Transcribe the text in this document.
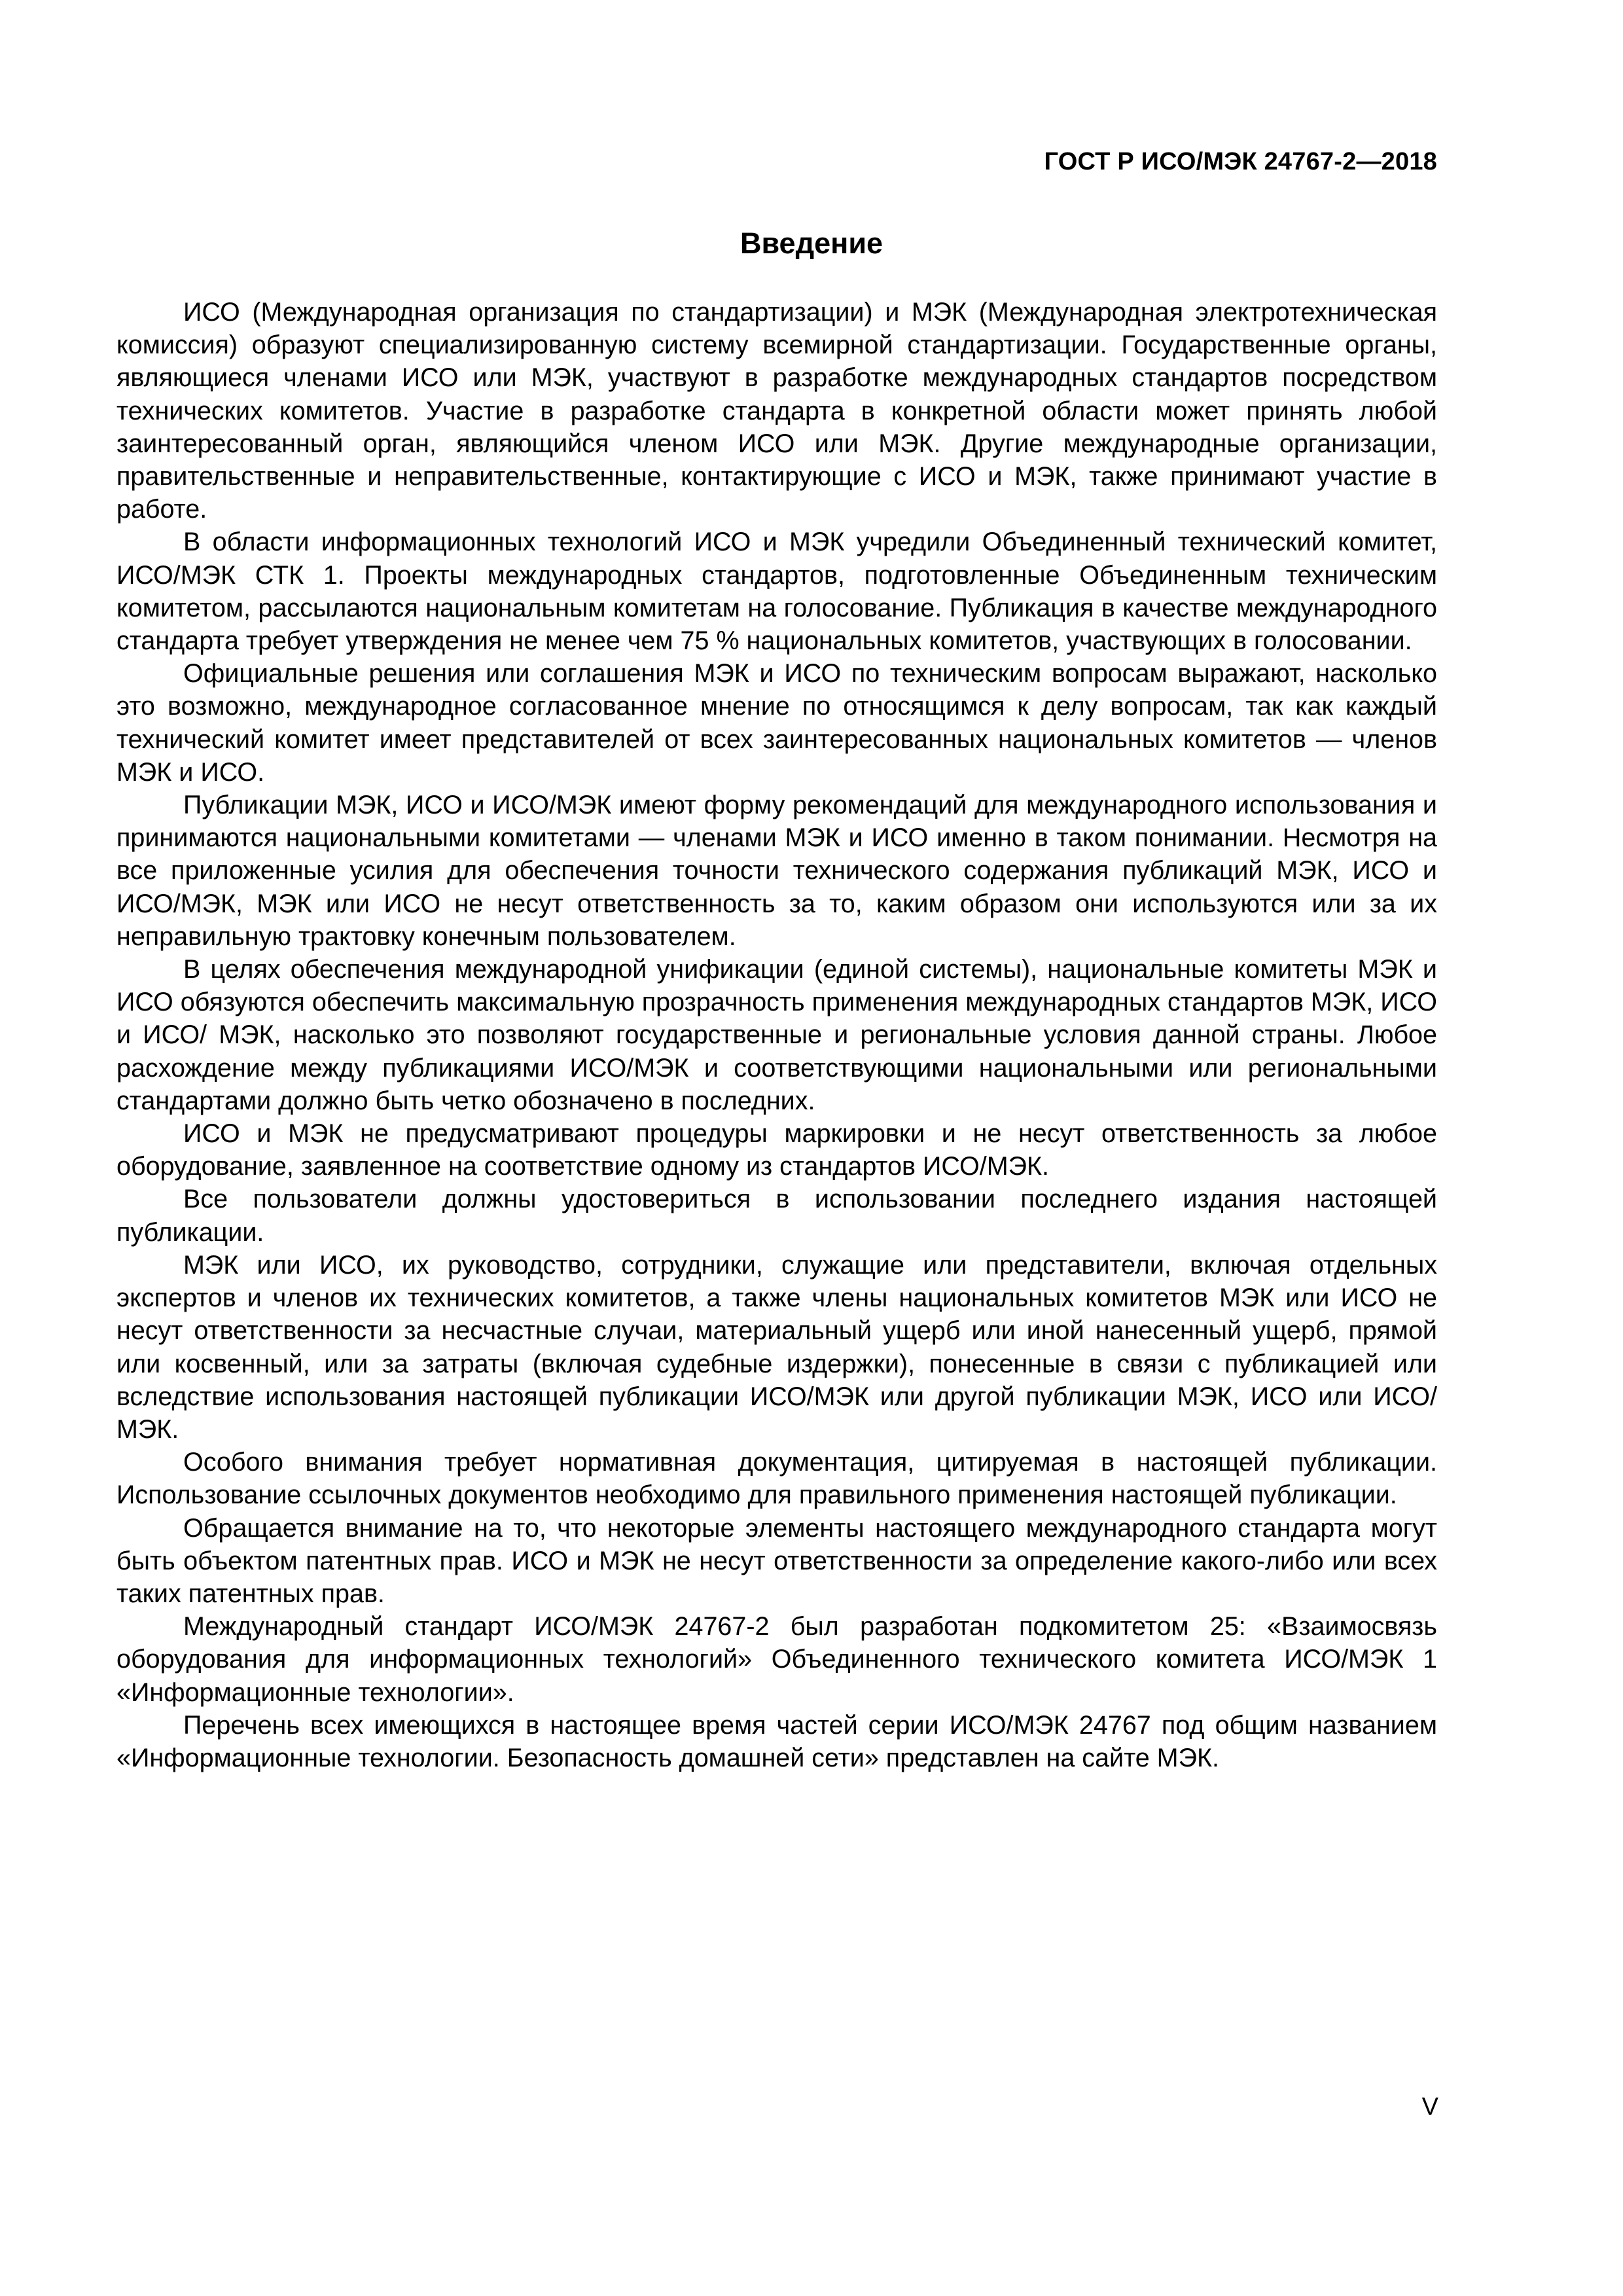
ГОСТ Р ИСО/МЭК 24767-2—2018
Введение

ИСО (Международная организация по стандартизации) и МЭК (Международная электротехническая комиссия) образуют специализированную систему всемирной стандартизации. Государственные органы, являющиеся членами ИСО или МЭК, участвуют в разработке международных стандартов посредством технических комитетов. Участие в разработке стандарта в конкретной области может принять любой заинтересованный орган, являющийся членом ИСО или МЭК. Другие международные организации, правительственные и неправительственные, контактирующие с ИСО и МЭК, также принимают участие в работе.

В области информационных технологий ИСО и МЭК учредили Объединенный технический комитет, ИСО/МЭК СТК 1. Проекты международных стандартов, подготовленные Объединенным техническим комитетом, рассылаются национальным комитетам на голосование. Публикация в качестве международного стандарта требует утверждения не менее чем 75 % национальных комитетов, участвующих в голосовании.

Официальные решения или соглашения МЭК и ИСО по техническим вопросам выражают, насколько это возможно, международное согласованное мнение по относящимся к делу вопросам, так как каждый технический комитет имеет представителей от всех заинтересованных национальных комитетов — членов МЭК и ИСО.

Публикации МЭК, ИСО и ИСО/МЭК имеют форму рекомендаций для международного использования и принимаются национальными комитетами — членами МЭК и ИСО именно в таком понимании. Несмотря на все приложенные усилия для обеспечения точности технического содержания публикаций МЭК, ИСО и ИСО/МЭК, МЭК или ИСО не несут ответственность за то, каким образом они используются или за их неправильную трактовку конечным пользователем.

В целях обеспечения международной унификации (единой системы), национальные комитеты МЭК и ИСО обязуются обеспечить максимальную прозрачность применения международных стандартов МЭК, ИСО и ИСО/ МЭК, насколько это позволяют государственные и региональные условия данной страны. Любое расхождение между публикациями ИСО/МЭК и соответствующими национальными или региональными стандартами должно быть четко обозначено в последних.

ИСО и МЭК не предусматривают процедуры маркировки и не несут ответственность за любое оборудование, заявленное на соответствие одному из стандартов ИСО/МЭК.

Все пользователи должны удостовериться в использовании последнего издания настоящей публикации.

МЭК или ИСО, их руководство, сотрудники, служащие или представители, включая отдельных экспертов и членов их технических комитетов, а также члены национальных комитетов МЭК или ИСО не несут ответственности за несчастные случаи, материальный ущерб или иной нанесенный ущерб, прямой или косвенный, или за затраты (включая судебные издержки), понесенные в связи с публикацией или вследствие использования настоящей публикации ИСО/МЭК или другой публикации МЭК, ИСО или ИСО/МЭК.

Особого внимания требует нормативная документация, цитируемая в настоящей публикации. Использование ссылочных документов необходимо для правильного применения настоящей публикации.

Обращается внимание на то, что некоторые элементы настоящего международного стандарта могут быть объектом патентных прав. ИСО и МЭК не несут ответственности за определение какого-либо или всех таких патентных прав.

Международный стандарт ИСО/МЭК 24767-2 был разработан подкомитетом 25: «Взаимосвязь оборудования для информационных технологий» Объединенного технического комитета ИСО/МЭК 1 «Информационные технологии».

Перечень всех имеющихся в настоящее время частей серии ИСО/МЭК 24767 под общим названием «Информационные технологии. Безопасность домашней сети» представлен на сайте МЭК.

V
